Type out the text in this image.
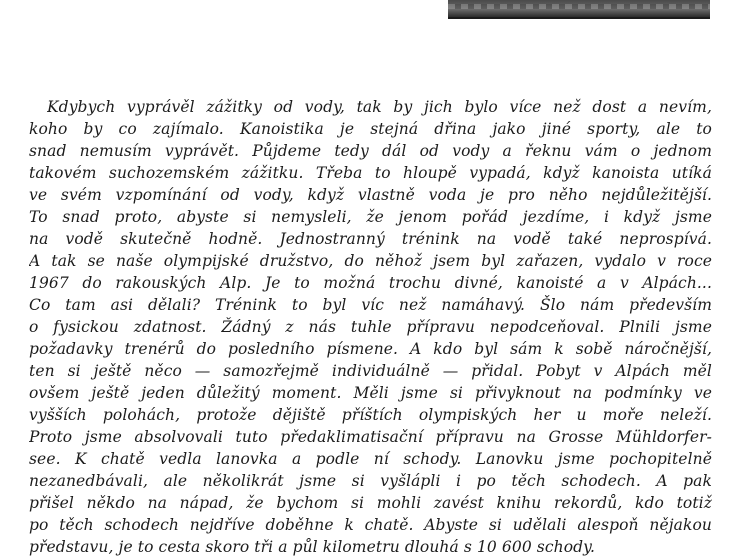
Kdybych vyprávěl zážitky od vody, tak by jich bylo více než dost a nevím,
koho by co zajímalo. Kanoistika je stejná dřina jako jiné sporty, ale to
snad nemusím vyprávět. Půjdeme tedy dál od vody a řeknu vám o jednom
takovém suchozemském zážitku. Třeba to hloupě vypadá, když kanoista utíká
ve svém vzpomínání od vody, když vlastně voda je pro něho nejdůležitější.
To snad proto, abyste si nemysleli, že jenom pořád jezdíme, i když jsme
na vodě skutečně hodně. Jednostranný trénink na vodě také neprospívá.
A tak se naše olympijské družstvo, do něhož jsem byl zařazen, vydalo v roce
1967 do rakouských Alp. Je to možná trochu divné, kanoisté a v Alpách...
Co tam asi dělali? Trénink to byl víc než namáhavý. Šlo nám především
o fysickou zdatnost. Žádný z nás tuhle přípravu nepodceňoval. Plnili jsme
požadavky trenérů do posledního písmene. A kdo byl sám k sobě náročnější,
ten si ještě něco — samozřejmě individuálně — přidal. Pobyt v Alpách měl
ovšem ještě jeden důležitý moment. Měli jsme si přivyknout na podmínky ve
vyšších polohách, protože dějiště příštích olympiských her u moře neleží.
Proto jsme absolvovali tuto předaklimatisační přípravu na Grosse Mühldorfer-
see. K chatě vedla lanovka a podle ní schody. Lanovku jsme pochopitelně
nezanedbávali, ale několikrát jsme si vyšlápli i po těch schodech. A pak
přišel někdo na nápad, že bychom si mohli zavést knihu rekordů, kdo totiž
po těch schodech nejdříve doběhne k chatě. Abyste si udělali alespoň nějakou
představu, je to cesta skoro tři a půl kilometru dlouhá s 10 600 schody.
